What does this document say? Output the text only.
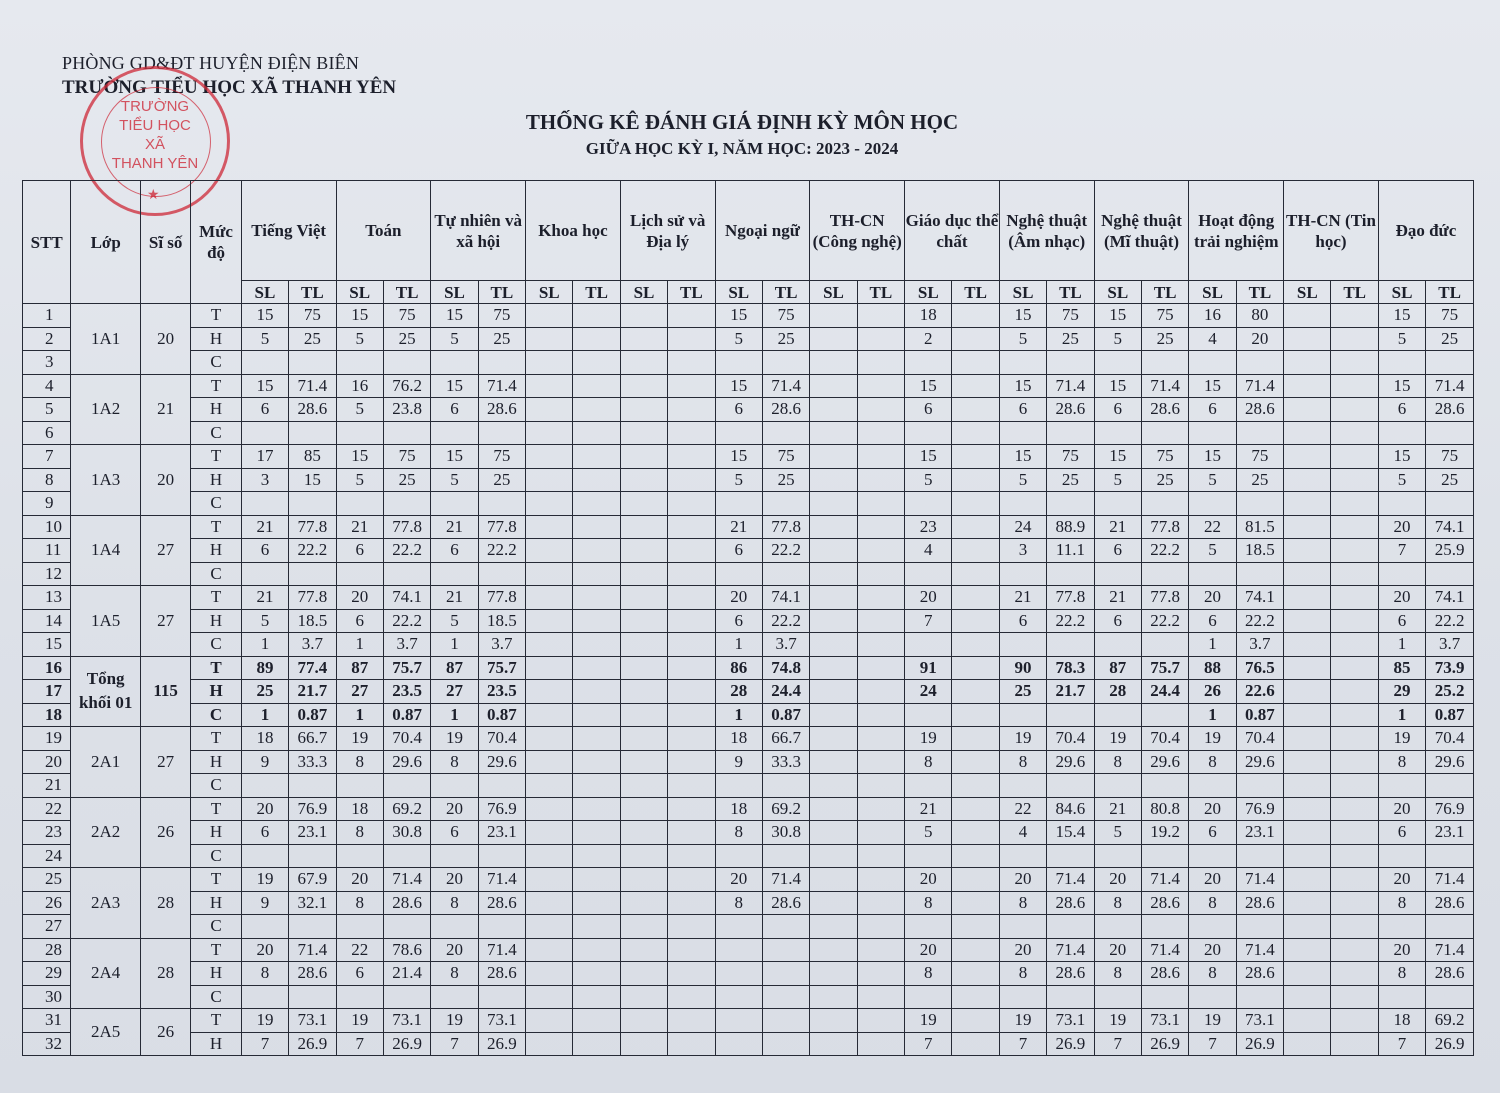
PHÒNG GD&ĐT HUYỆN ĐIỆN BIÊN
TRƯỜNG TIỂU HỌC XÃ THANH YÊN
TRƯỜNG
TIỂU HỌC
XÃ
THANH YÊN
★
THỐNG KÊ ĐÁNH GIÁ ĐỊNH KỲ MÔN HỌC
GIỮA HỌC KỲ I, NĂM HỌC: 2023 - 2024
STT	Lớp	Sĩ số	Mức độ	Tiếng Việt		Toán		Tự nhiên và xã hội		Khoa học		Lịch sử và Địa lý		Ngoại ngữ		TH-CN (Công nghệ)		Giáo dục thể chất		Nghệ thuật (Âm nhạc)		Nghệ thuật (Mĩ thuật)		Hoạt động trải nghiệm		TH-CN (Tin học)		Đạo đức	
				SL	TL	SL	TL	SL	TL	SL	TL	SL	TL	SL	TL	SL	TL	SL	TL	SL	TL	SL	TL	SL	TL	SL	TL	SL	TL
1	1A1	20	T	15	75	15	75	15	75					15	75			18		15	75	15	75	16	80			15	75
2			H	5	25	5	25	5	25					5	25			2		5	25	5	25	4	20			5	25
3			C																										
4	1A2	21	T	15	71.4	16	76.2	15	71.4					15	71.4			15		15	71.4	15	71.4	15	71.4			15	71.4
5			H	6	28.6	5	23.8	6	28.6					6	28.6			6		6	28.6	6	28.6	6	28.6			6	28.6
6			C																										
7	1A3	20	T	17	85	15	75	15	75					15	75			15		15	75	15	75	15	75			15	75
8			H	3	15	5	25	5	25					5	25			5		5	25	5	25	5	25			5	25
9			C																										
10	1A4	27	T	21	77.8	21	77.8	21	77.8					21	77.8			23		24	88.9	21	77.8	22	81.5			20	74.1
11			H	6	22.2	6	22.2	6	22.2					6	22.2			4		3	11.1	6	22.2	5	18.5			7	25.9
12			C																										
13	1A5	27	T	21	77.8	20	74.1	21	77.8					20	74.1			20		21	77.8	21	77.8	20	74.1			20	74.1
14			H	5	18.5	6	22.2	5	18.5					6	22.2			7		6	22.2	6	22.2	6	22.2			6	22.2
15			C	1	3.7	1	3.7	1	3.7					1	3.7									1	3.7			1	3.7
16	Tổng khối 01	115	T	89	77.4	87	75.7	87	75.7					86	74.8			91		90	78.3	87	75.7	88	76.5			85	73.9
17			H	25	21.7	27	23.5	27	23.5					28	24.4			24		25	21.7	28	24.4	26	22.6			29	25.2
18			C	1	0.87	1	0.87	1	0.87					1	0.87									1	0.87			1	0.87
19	2A1	27	T	18	66.7	19	70.4	19	70.4					18	66.7			19		19	70.4	19	70.4	19	70.4			19	70.4
20			H	9	33.3	8	29.6	8	29.6					9	33.3			8		8	29.6	8	29.6	8	29.6			8	29.6
21			C																										
22	2A2	26	T	20	76.9	18	69.2	20	76.9					18	69.2			21		22	84.6	21	80.8	20	76.9			20	76.9
23			H	6	23.1	8	30.8	6	23.1					8	30.8			5		4	15.4	5	19.2	6	23.1			6	23.1
24			C																										
25	2A3	28	T	19	67.9	20	71.4	20	71.4					20	71.4			20		20	71.4	20	71.4	20	71.4			20	71.4
26			H	9	32.1	8	28.6	8	28.6					8	28.6			8		8	28.6	8	28.6	8	28.6			8	28.6
27			C																										
28	2A4	28	T	20	71.4	22	78.6	20	71.4									20		20	71.4	20	71.4	20	71.4			20	71.4
29			H	8	28.6	6	21.4	8	28.6									8		8	28.6	8	28.6	8	28.6			8	28.6
30			C																										
31	2A5	26	T	19	73.1	19	73.1	19	73.1									19		19	73.1	19	73.1	19	73.1			18	69.2
32			H	7	26.9	7	26.9	7	26.9									7		7	26.9	7	26.9	7	26.9			7	26.9
